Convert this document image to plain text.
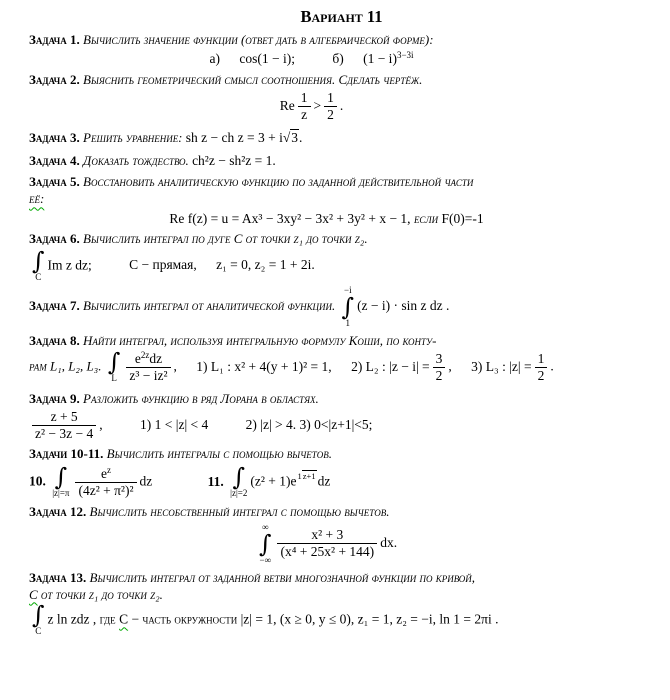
Вариант 11

Задача 1. Вычислить значение функции (ответ дать в алгебраической форме):

а) cos(1 − i);	б) $(1 - i)^{3-3i}$

Задача 2. Выяснить геометрический смысл соотношения. Сделать чертёж.

Re $\frac{1}{z} > \frac{1}{2}$ .

Задача 3. Решить уравнение: sh z − ch z = 3 + i√3.

Задача 4. Доказать тождество. ch²z − sh²z = 1.

Задача 5. Восстановить аналитическую функцию по заданной действительной части

её:

Re f(z) = u = Ax³ − 3xy² − 3x² + 3y² + x − 1, если F(0)=-1

Задача 6. Вычислить интеграл по дуге C от точки z₁ до точки z₂.

∫
C
Im z dz;	C − прямая, z₁ = 0, z₂ = 1 + 2i.

Задача 7. Вычислить интеграл от аналитической функции.
−i
∫
1
(z − i) · sin z dz .

Задача 8. Найти интеграл, используя интегральную формулу Коши, по конту-

рам L₁, L₂, L₃. ∫
L $\frac{e^{2z}dz}{\text{z³ − iz²}}$ , 1) L₁ : x² + 4(y + 1)² = 1, 2) L₂ : $|z - i| = \frac{3}{2}$ , 3) L₃ : $|z| = \frac{1}{2}$ .

Задача 9. Разложить функцию в ряд Лорана в областях.

$\frac{z + 5}{\text{z² − 3z − 4}}$ ,	1) 1 < |z| < 4	2) |z| > 4. 3) 0<|z+1|<5;

Задачи 10-11. Вычислить интегралы с помощью вычетов.

10. ∫
$|z|=\pi \frac{e^z}{\text{(4z² + π²)²}}$ dz	11. ∫
|z|=2
(z² + 1)e1z+1 dz

Задача 12. Вычислить несобственный интеграл с помощью вычетов.

∞
∫
−∞ $\frac{\text{x² + 3}}{\text{(x⁴ + 25x² + 144)}}$ dx.

Задача 13. Вычислить интеграл от заданной ветви многозначной функции по кривой,

C от точки z₁ до точки z₂.

∫
C
z ln zdz , где C − часть окружности |z| = 1, (x ≥ 0, y ≤ 0), z₁ = 1, z₂ = −i, ln 1 = 2πi .
